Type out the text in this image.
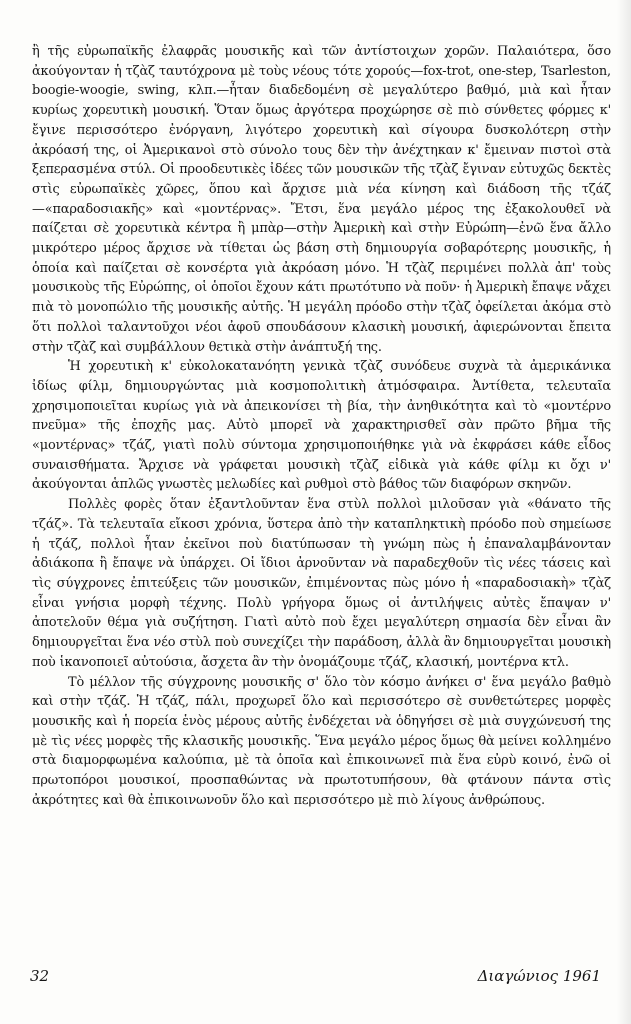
ἢ τῆς εὐρωπαϊκῆς ἐλαφρᾶς μουσικῆς καὶ τῶν ἀντίστοιχων χορῶν. Παλαιότερα, ὅσο ἀκούγονταν ἡ τζὰζ ταυτόχρονα μὲ τοὺς νέους τότε χορούς—fox-trot, one-step, Tsarleston, boogie-woogie, swing, κλπ.—ἦταν διαδεδομένη σὲ μεγαλύτερο βαθμό, μιὰ καὶ ἦταν κυρίως χορευτικὴ μουσική. Ὅταν ὅμως ἀργότερα προχώρησε σὲ πιὸ σύνθετες φόρμες κ' ἔγινε περισσότερο ἐνόργανη, λιγότερο χορευτικὴ καὶ σίγουρα δυσκολότερη στὴν ἀκρόασή της, οἱ Ἀμερικανοὶ στὸ σύνολο τους δὲν τὴν ἀνέχτηκαν κ' ἔμειναν πιστοὶ στὰ ξεπερασμένα στύλ. Οἱ προοδευτικὲς ἰδέες τῶν μουσικῶν τῆς τζὰζ ἔγιναν εὐτυχῶς δεκτὲς στὶς εὐρωπαϊκὲς χῶρες, ὅπου καὶ ἄρχισε μιὰ νέα κίνηση καὶ διάδοση τῆς τζάζ—«παραδοσιακῆς» καὶ «μοντέρνας». Ἔτσι, ἕνα μεγάλο μέρος της ἐξακολουθεῖ νὰ παίζεται σὲ χορευτικὰ κέντρα ἢ μπὰρ—στὴν Ἀμερικὴ καὶ στὴν Εὐρώπη—ἐνῶ ἕνα ἄλλο μικρότερο μέρος ἄρχισε νὰ τίθεται ὡς βάση στὴ δημιουργία σοβαρότερης μουσικῆς, ἡ ὁποία καὶ παίζεται σὲ κονσέρτα γιὰ ἀκρόαση μόνο. Ἡ τζὰζ περιμένει πολλὰ ἀπ' τοὺς μουσικοὺς τῆς Εὐρώπης, οἱ ὁποῖοι ἔχουν κάτι πρωτότυπο νὰ ποῦν· ἡ Ἀμερικὴ ἔπαψε νἄχει πιὰ τὸ μονοπώλιο τῆς μουσικῆς αὐτῆς. Ἡ μεγάλη πρόοδο στὴν τζὰζ ὀφείλεται ἀκόμα στὸ ὅτι πολλοὶ ταλαντοῦχοι νέοι ἀφοῦ σπουδάσουν κλασικὴ μουσική, ἀφιερώνονται ἔπειτα στὴν τζὰζ καὶ συμβάλλουν θετικὰ στὴν ἀνάπτυξή της.

Ἡ χορευτικὴ κ' εὐκολοκατανόητη γενικὰ τζὰζ συνόδευε συχνὰ τὰ ἀμερικάνικα ἰδίως φίλμ, δημιουργώντας μιὰ κοσμοπολιτικὴ ἀτμόσφαιρα. Ἀντίθετα, τελευταῖα χρησιμοποιεῖται κυρίως γιὰ νὰ ἀπεικονίσει τὴ βία, τὴν ἀνηθικότητα καὶ τὸ «μοντέρνο πνεῦμα» τῆς ἐποχῆς μας. Αὐτὸ μπορεῖ νὰ χαρακτηρισθεῖ σὰν πρῶτο βῆμα τῆς «μοντέρνας» τζάζ, γιατὶ πολὺ σύντομα χρησιμοποιήθηκε γιὰ νὰ ἐκφράσει κάθε εἶδος συναισθήματα. Ἄρχισε νὰ γράφεται μουσικὴ τζὰζ εἰδικὰ γιὰ κάθε φίλμ κι ὄχι ν' ἀκούγονται ἁπλῶς γνωστὲς μελωδίες καὶ ρυθμοὶ στὸ βάθος τῶν διαφόρων σκηνῶν.

Πολλὲς φορὲς ὅταν ἐξαντλοῦνταν ἕνα στὺλ πολλοὶ μιλοῦσαν γιὰ «θάνατο τῆς τζάζ». Τὰ τελευταῖα εἴκοσι χρόνια, ὕστερα ἀπὸ τὴν καταπληκτικὴ πρόοδο ποὺ σημείωσε ἡ τζάζ, πολλοὶ ἦταν ἐκεῖνοι ποὺ διατύπωσαν τὴ γνώμη πὼς ἡ ἐπαναλαμβάνονταν ἀδιάκοπα ἢ ἔπαψε νὰ ὑπάρχει. Οἱ ἴδιοι ἀρνοῦνταν νὰ παραδεχθοῦν τὶς νέες τάσεις καὶ τὶς σύγχρονες ἐπιτεύξεις τῶν μουσικῶν, ἐπιμένοντας πὼς μόνο ἡ «παραδοσιακὴ» τζὰζ εἶναι γνήσια μορφὴ τέχνης. Πολὺ γρήγορα ὅμως οἱ ἀντιλήψεις αὐτὲς ἔπαψαν ν' ἀποτελοῦν θέμα γιὰ συζήτηση. Γιατὶ αὐτὸ ποὺ ἔχει μεγαλύτερη σημασία δὲν εἶναι ἂν δημιουργεῖται ἕνα νέο στὺλ ποὺ συνεχίζει τὴν παράδοση, ἀλλὰ ἂν δημιουργεῖται μουσικὴ ποὺ ἱκανοποιεῖ αὐτούσια, ἄσχετα ἂν τὴν ὀνομάζουμε τζάζ, κλασική, μοντέρνα κτλ.

Τὸ μέλλον τῆς σύγχρονης μουσικῆς σ' ὅλο τὸν κόσμο ἀνήκει σ' ἕνα μεγάλο βαθμὸ καὶ στὴν τζάζ. Ἡ τζάζ, πάλι, προχωρεῖ ὅλο καὶ περισσότερο σὲ συνθετώτερες μορφὲς μουσικῆς καὶ ἡ πορεία ἑνὸς μέρους αὐτῆς ἐνδέχεται νὰ ὁδηγήσει σὲ μιὰ συγχώνευσή της μὲ τὶς νέες μορφὲς τῆς κλασικῆς μουσικῆς. Ἕνα μεγάλο μέρος ὅμως θὰ μείνει κολλημένο στὰ διαμορφωμένα καλούπια, μὲ τὰ ὁποῖα καὶ ἐπικοινωνεῖ πιὰ ἕνα εὐρὺ κοινό, ἐνῶ οἱ πρωτοπόροι μουσικοί, προσπαθώντας νὰ πρωτοτυπήσουν, θὰ φτάνουν πάντα στὶς ἀκρότητες καὶ θὰ ἐπικοινωνοῦν ὅλο καὶ περισσότερο μὲ πιὸ λίγους ἀνθρώπους.

32	Διαγώνιος 1961
